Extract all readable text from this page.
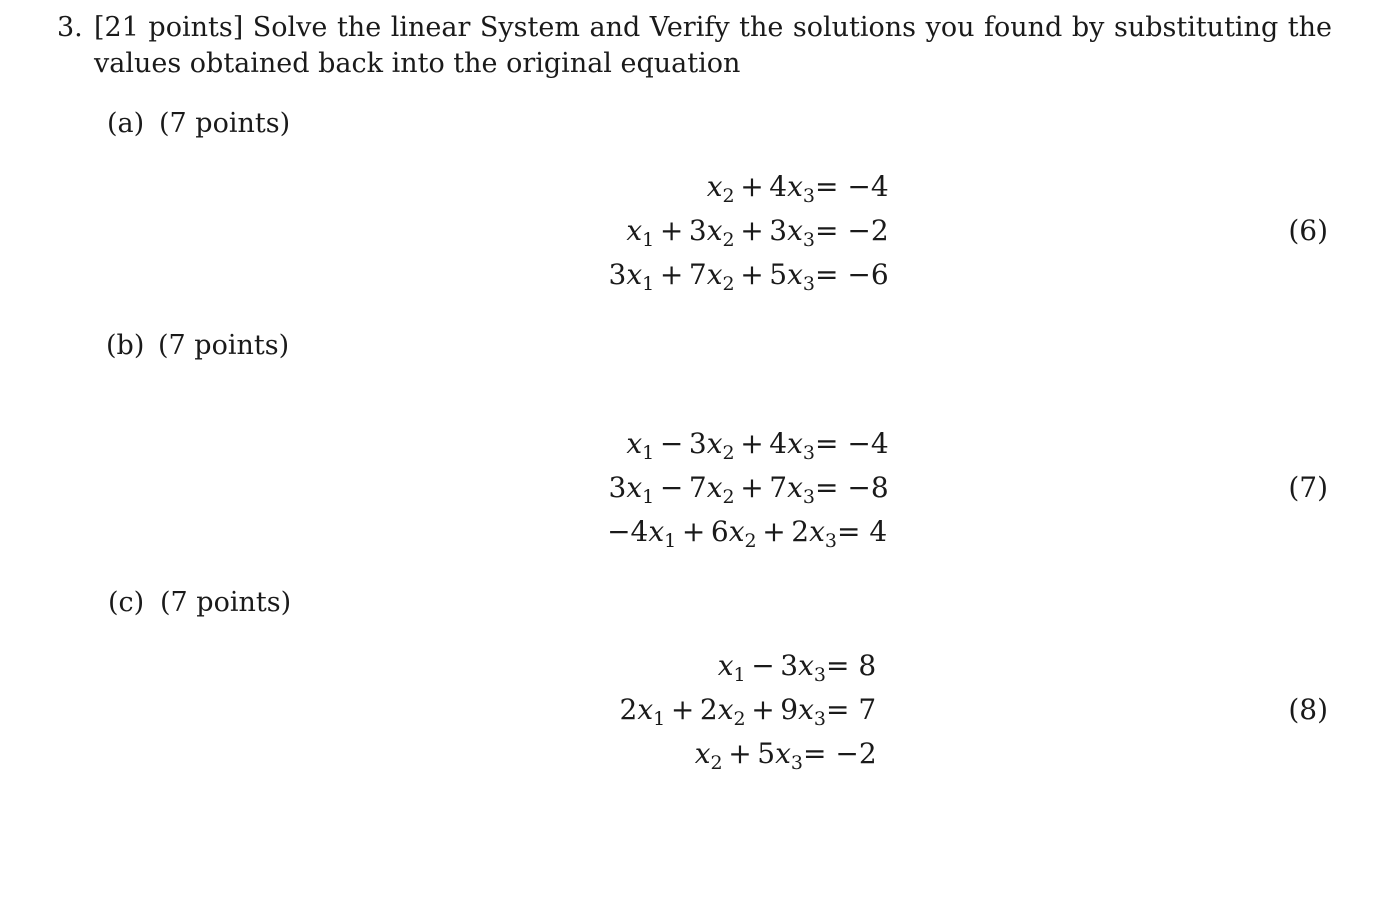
3. [21 points] Solve the linear System and Verify the solutions you found by substituting the values obtained back into the original equation
(a) (7 points)
$x_2 + 4x_3 = -4$
$x_1 + 3x_2 + 3x_3 = -2$
$3x_1 + 7x_2 + 5x_3 = -6$
(6)
(b) (7 points)
$x_1 - 3x_2 + 4x_3 = -4$
$3x_1 - 7x_2 + 7x_3 = -8$
$-4x_1 + 6x_2 + 2x_3 = 4$
(7)
(c) (7 points)
$x_1 - 3x_3 = 8$
$2x_1 + 2x_2 + 9x_3 = 7$
$x_2 + 5x_3 = -2$
(8)
